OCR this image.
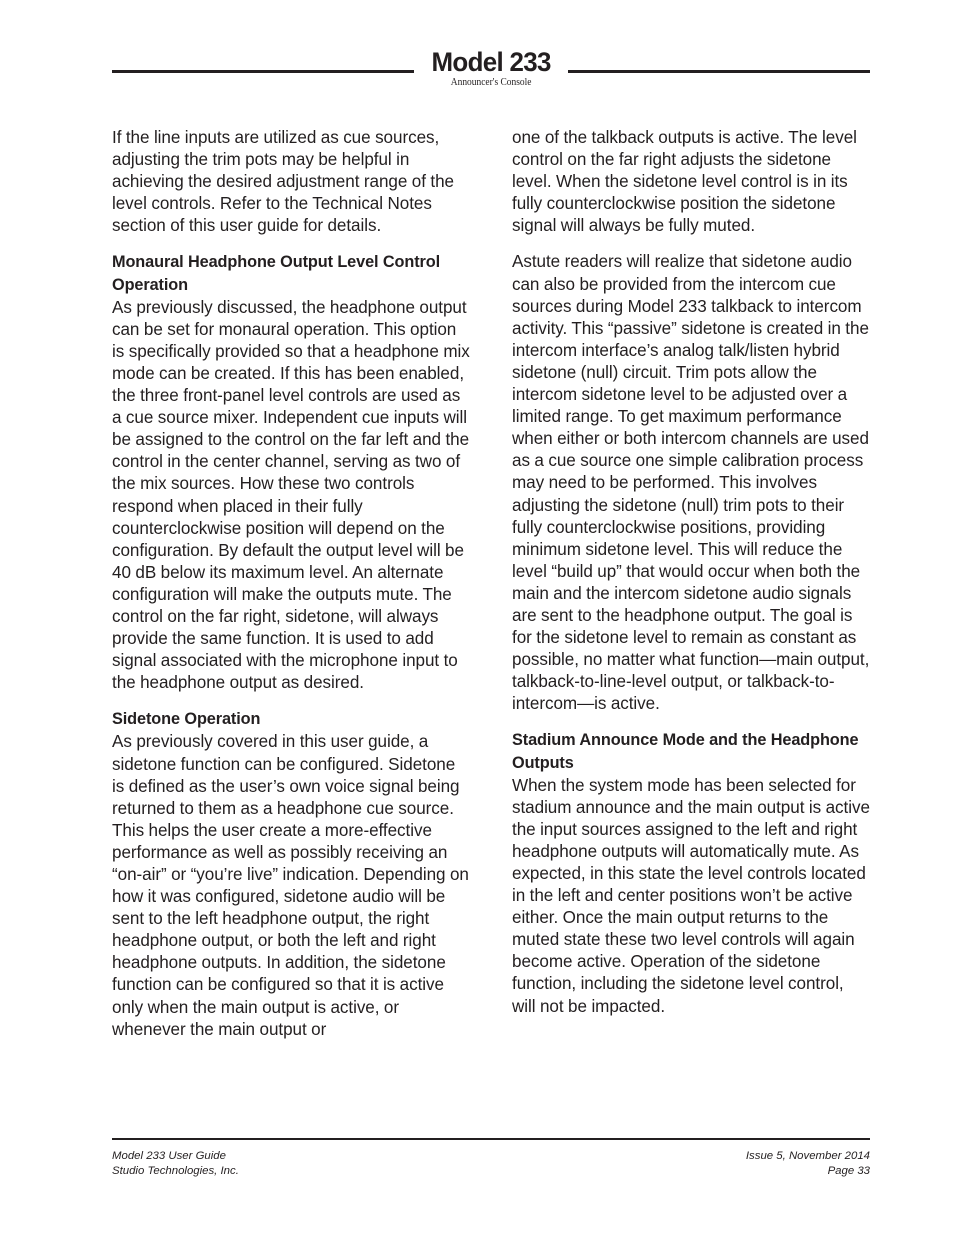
Model 233
Announcer's Console

If the line inputs are utilized as cue sources, adjusting the trim pots may be helpful in achieving the desired adjustment range of the level controls. Refer to the Technical Notes section of this user guide for details.

Monaural Headphone Output Level Control Operation

As previously discussed, the headphone output can be set for monaural operation. This option is specifically provided so that a headphone mix mode can be created. If this has been enabled, the three front-panel level controls are used as a cue source mixer. Independent cue inputs will be assigned to the control on the far left and the control in the center channel, serving as two of the mix sources. How these two controls respond when placed in their fully counterclockwise position will depend on the configuration. By default the output level will be 40 dB below its maximum level. An alternate configuration will make the outputs mute. The control on the far right, sidetone, will always provide the same function. It is used to add signal associated with the microphone input to the headphone output as desired.

Sidetone Operation

As previously covered in this user guide, a sidetone function can be configured. Sidetone is defined as the user’s own voice signal being returned to them as a headphone cue source. This helps the user create a more-effective performance as well as possibly receiving an “on-air” or “you’re live” indication. Depending on how it was configured, sidetone audio will be sent to the left headphone output, the right headphone output, or both the left and right headphone outputs. In addition, the sidetone function can be configured so that it is active only when the main output is active, or whenever the main output or

one of the talkback outputs is active. The level control on the far right adjusts the sidetone level. When the sidetone level control is in its fully counterclockwise position the sidetone signal will always be fully muted.

Astute readers will realize that sidetone audio can also be provided from the intercom cue sources during Model 233 talkback to intercom activity. This “passive” sidetone is created in the intercom interface’s analog talk/listen hybrid sidetone (null) circuit. Trim pots allow the intercom sidetone level to be adjusted over a limited range. To get maximum performance when either or both intercom channels are used as a cue source one simple calibration process may need to be performed. This involves adjusting the sidetone (null) trim pots to their fully counterclockwise positions, providing minimum sidetone level. This will reduce the level “build up” that would occur when both the main and the intercom sidetone audio signals are sent to the headphone output. The goal is for the sidetone level to remain as constant as possible, no matter what function—main output, talkback-to-line-level output, or talkback-to-intercom—is active.

Stadium Announce Mode and the Headphone Outputs

When the system mode has been selected for stadium announce and the main output is active the input sources assigned to the left and right headphone outputs will automatically mute. As expected, in this state the level controls located in the left and center positions won’t be active either. Once the main output returns to the muted state these two level controls will again become active. Operation of the sidetone function, including the sidetone level control, will not be impacted.

Model 233 User Guide
Studio Technologies, Inc.
Issue 5, November 2014
Page 33
